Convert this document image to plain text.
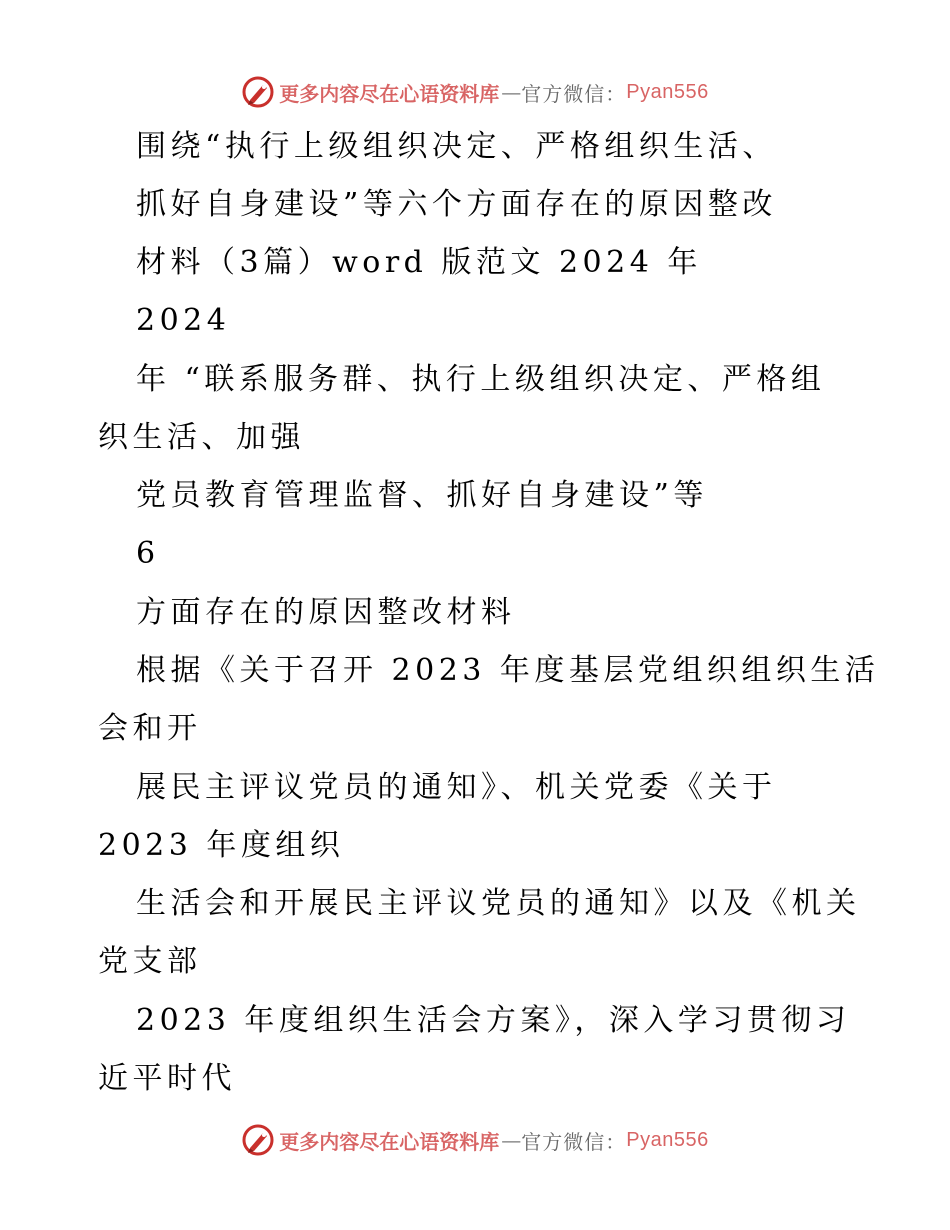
更多内容尽在心语资料库 — 官方微信： Pyan556
围绕“执行上级组织决定、严格组织生活、
抓好自身建设”等六个方面存在的原因整改
材料（3篇）word 版范文 2024 年
2024
年 “联系服务群、执行上级组织决定、严格组
织生活、加强
党员教育管理监督、抓好自身建设”等
6
方面存在的原因整改材料
根据《关于召开 2023 年度基层党组织组织生活
会和开
展民主评议党员的通知》、机关党委《关于
2023 年度组织
生活会和开展民主评议党员的通知》以及《机关
党支部
2023 年度组织生活会方案》，深入学习贯彻习
近平时代
更多内容尽在心语资料库 — 官方微信： Pyan556
